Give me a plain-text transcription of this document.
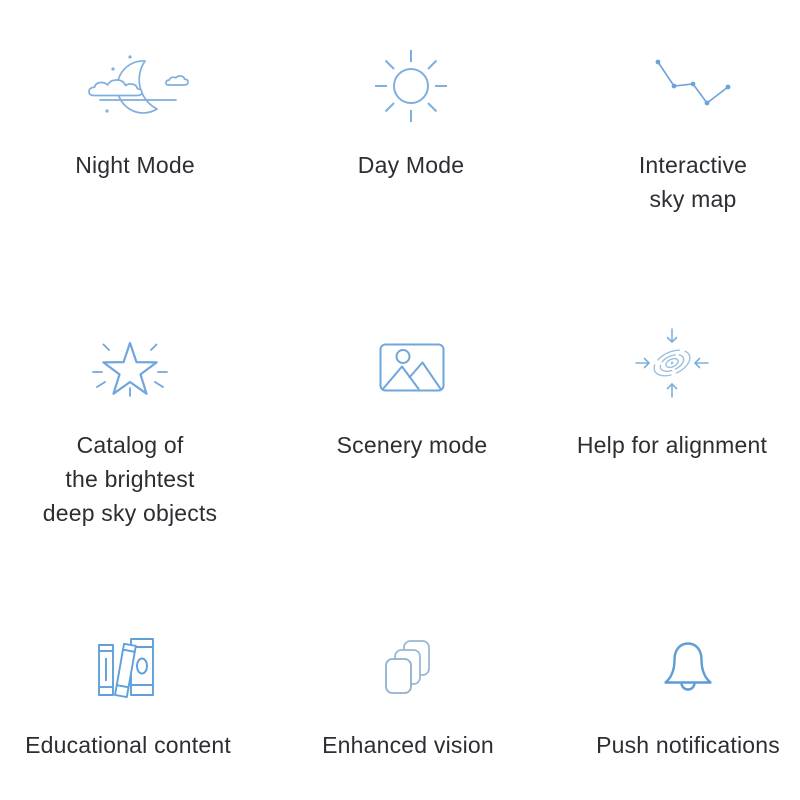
Night Mode	Day Mode	Interactive
sky map
Catalog of
the brightest
deep sky objects
Scenery mode	Help for alignment
Educational content	Enhanced vision	Push notifications
